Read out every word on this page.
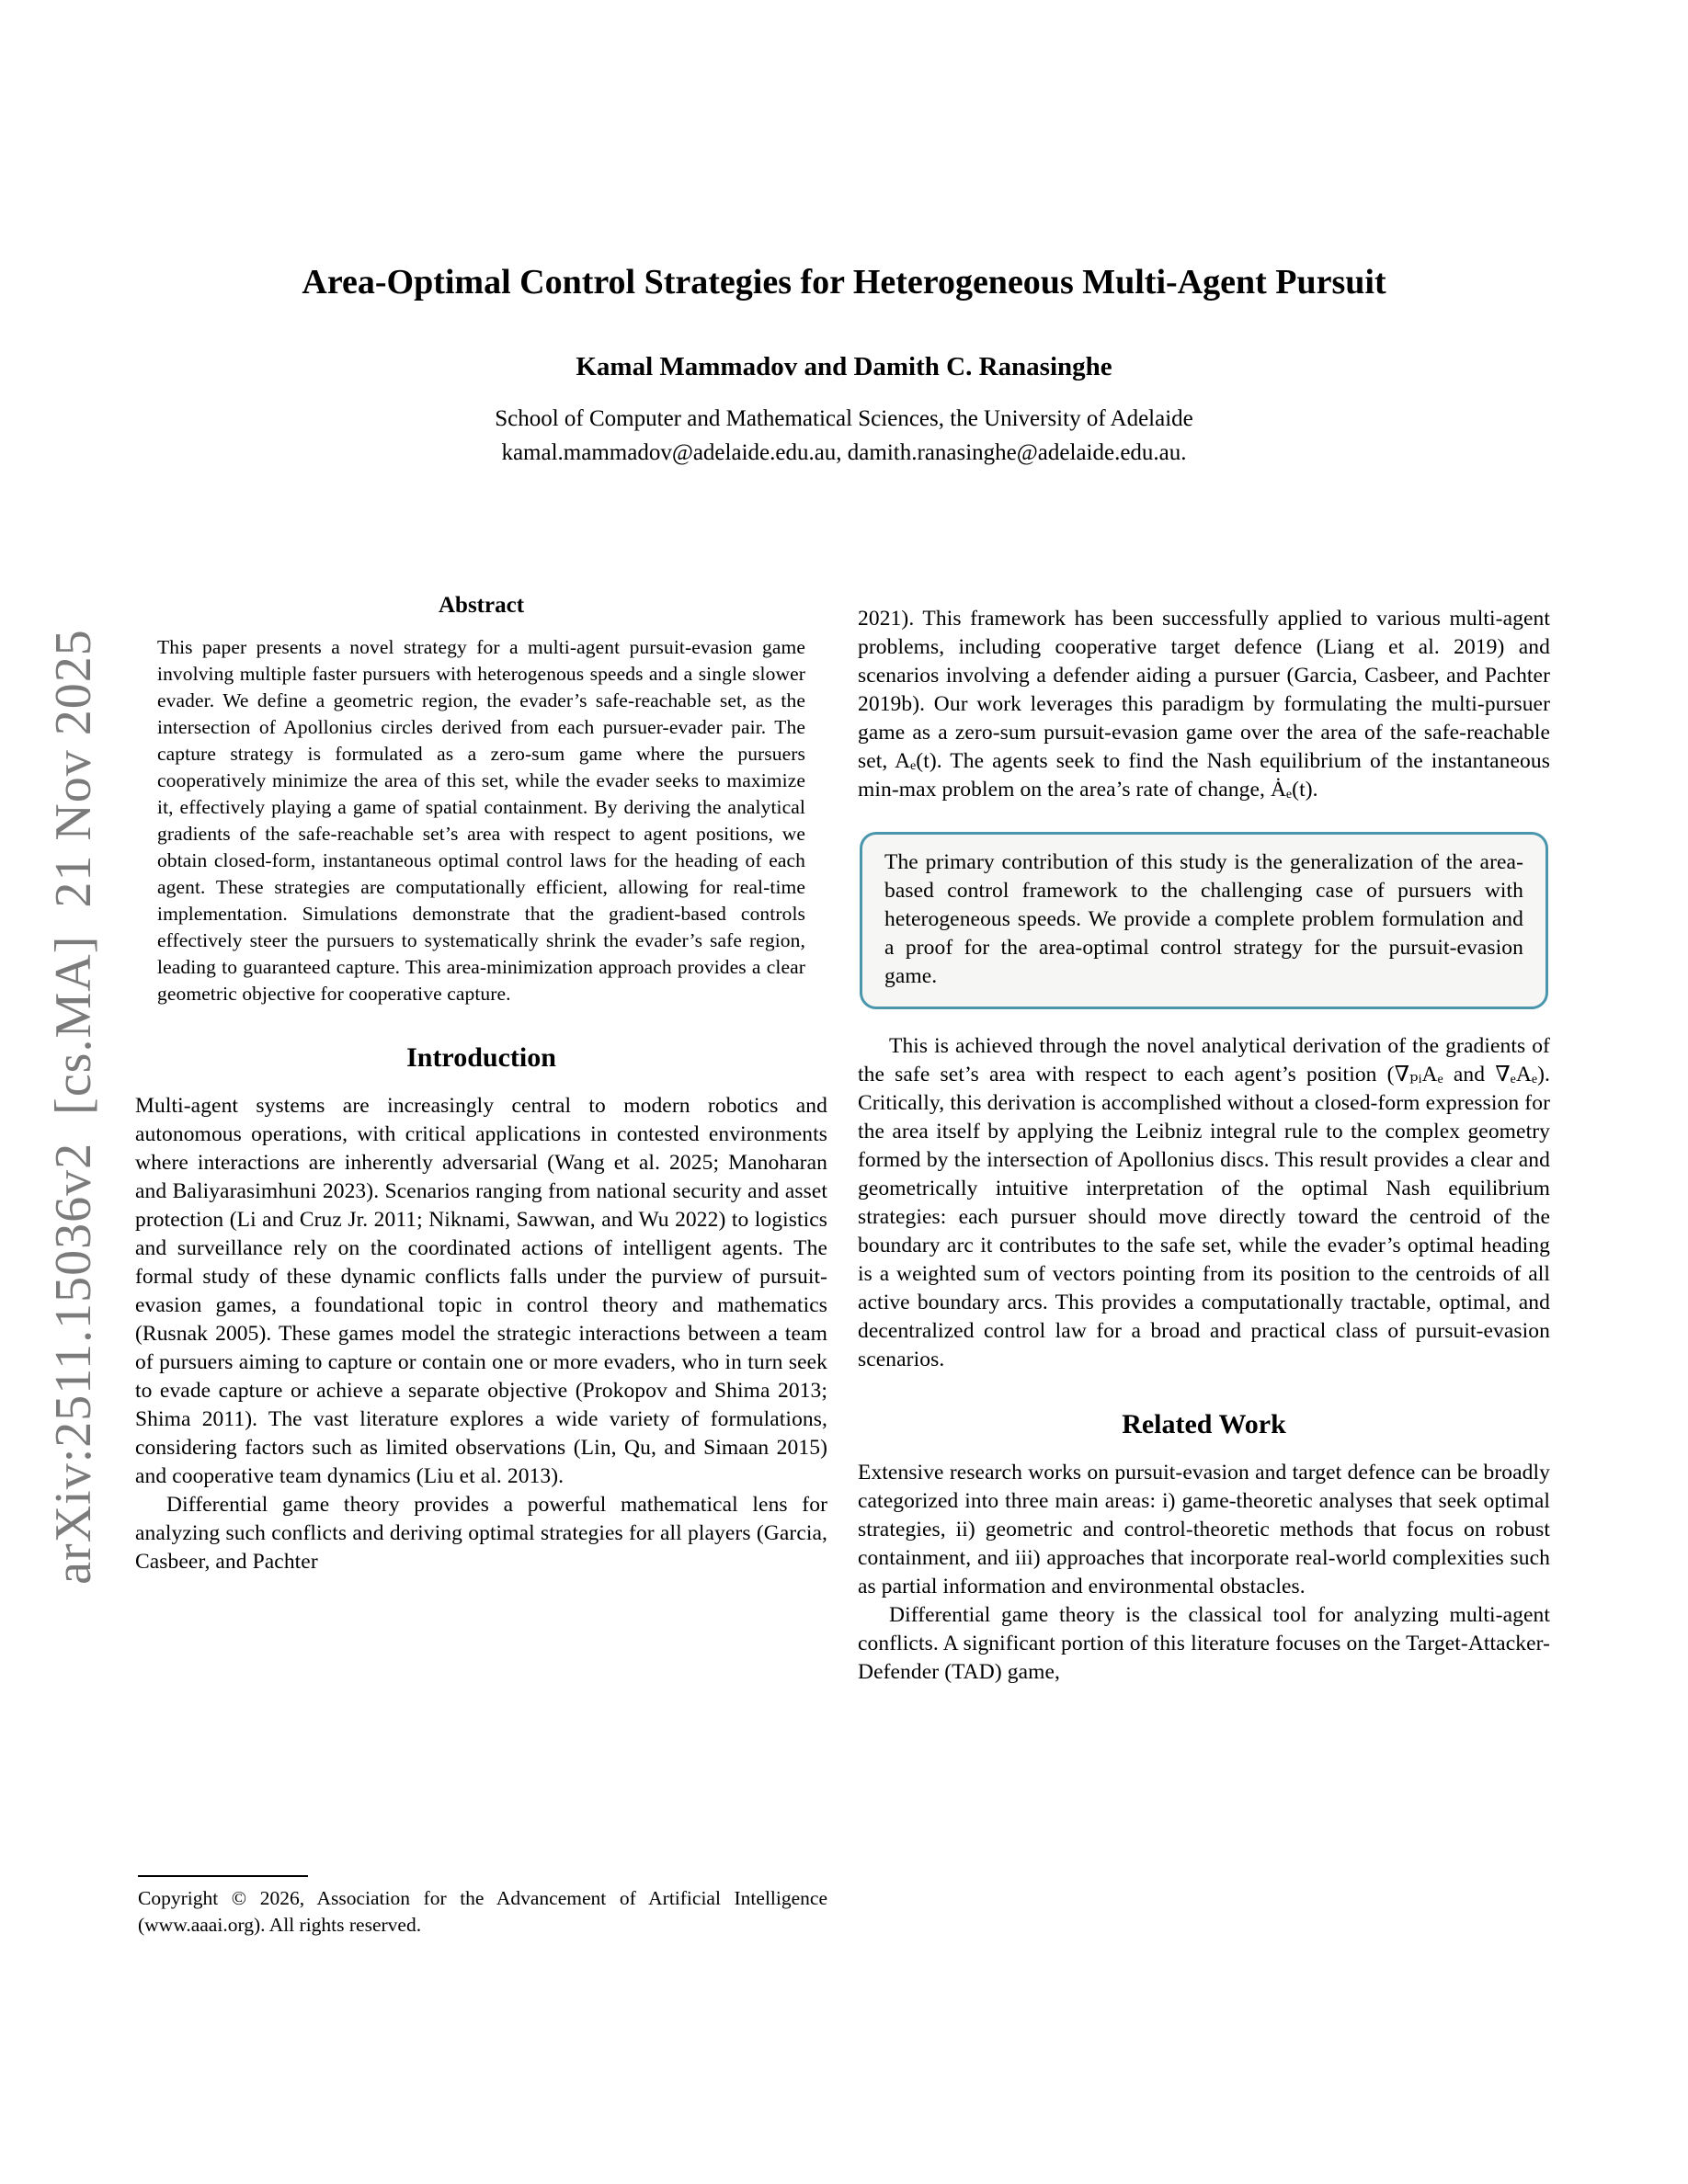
arXiv:2511.15036v2  [cs.MA]  21 Nov 2025
Area-Optimal Control Strategies for Heterogeneous Multi-Agent Pursuit
Kamal Mammadov and Damith C. Ranasinghe
School of Computer and Mathematical Sciences, the University of Adelaide
kamal.mammadov@adelaide.edu.au, damith.ranasinghe@adelaide.edu.au.
Abstract

This paper presents a novel strategy for a multi-agent pursuit-evasion game involving multiple faster pursuers with heterogenous speeds and a single slower evader. We define a geometric region, the evader’s safe-reachable set, as the intersection of Apollonius circles derived from each pursuer-evader pair. The capture strategy is formulated as a zero-sum game where the pursuers cooperatively minimize the area of this set, while the evader seeks to maximize it, effectively playing a game of spatial containment. By deriving the analytical gradients of the safe-reachable set’s area with respect to agent positions, we obtain closed-form, instantaneous optimal control laws for the heading of each agent. These strategies are computationally efficient, allowing for real-time implementation. Simulations demonstrate that the gradient-based controls effectively steer the pursuers to systematically shrink the evader’s safe region, leading to guaranteed capture. This area-minimization approach provides a clear geometric objective for cooperative capture.

Introduction

Multi-agent systems are increasingly central to modern robotics and autonomous operations, with critical applications in contested environments where interactions are inherently adversarial (Wang et al. 2025; Manoharan and Baliyarasimhuni 2023). Scenarios ranging from national security and asset protection (Li and Cruz Jr. 2011; Niknami, Sawwan, and Wu 2022) to logistics and surveillance rely on the coordinated actions of intelligent agents. The formal study of these dynamic conflicts falls under the purview of pursuit-evasion games, a foundational topic in control theory and mathematics (Rusnak 2005). These games model the strategic interactions between a team of pursuers aiming to capture or contain one or more evaders, who in turn seek to evade capture or achieve a separate objective (Prokopov and Shima 2013; Shima 2011). The vast literature explores a wide variety of formulations, considering factors such as limited observations (Lin, Qu, and Simaan 2015) and cooperative team dynamics (Liu et al. 2013).

Differential game theory provides a powerful mathematical lens for analyzing such conflicts and deriving optimal strategies for all players (Garcia, Casbeer, and Pachter

Copyright © 2026, Association for the Advancement of Artificial Intelligence (www.aaai.org). All rights reserved.

2021). This framework has been successfully applied to various multi-agent problems, including cooperative target defence (Liang et al. 2019) and scenarios involving a defender aiding a pursuer (Garcia, Casbeer, and Pachter 2019b). Our work leverages this paradigm by formulating the multi-pursuer game as a zero-sum pursuit-evasion game over the area of the safe-reachable set, Aₑ(t). The agents seek to find the Nash equilibrium of the instantaneous min-max problem on the area’s rate of change, Ȧₑ(t).

The primary contribution of this study is the generalization of the area-based control framework to the challenging case of pursuers with heterogeneous speeds. We provide a complete problem formulation and a proof for the area-optimal control strategy for the pursuit-evasion game.

This is achieved through the novel analytical derivation of the gradients of the safe set’s area with respect to each agent’s position (∇ₚᵢAₑ and ∇ₑAₑ). Critically, this derivation is accomplished without a closed-form expression for the area itself by applying the Leibniz integral rule to the complex geometry formed by the intersection of Apollonius discs. This result provides a clear and geometrically intuitive interpretation of the optimal Nash equilibrium strategies: each pursuer should move directly toward the centroid of the boundary arc it contributes to the safe set, while the evader’s optimal heading is a weighted sum of vectors pointing from its position to the centroids of all active boundary arcs. This provides a computationally tractable, optimal, and decentralized control law for a broad and practical class of pursuit-evasion scenarios.

Related Work

Extensive research works on pursuit-evasion and target defence can be broadly categorized into three main areas: i) game-theoretic analyses that seek optimal strategies, ii) geometric and control-theoretic methods that focus on robust containment, and iii) approaches that incorporate real-world complexities such as partial information and environmental obstacles.

Differential game theory is the classical tool for analyzing multi-agent conflicts. A significant portion of this literature focuses on the Target-Attacker-Defender (TAD) game,
